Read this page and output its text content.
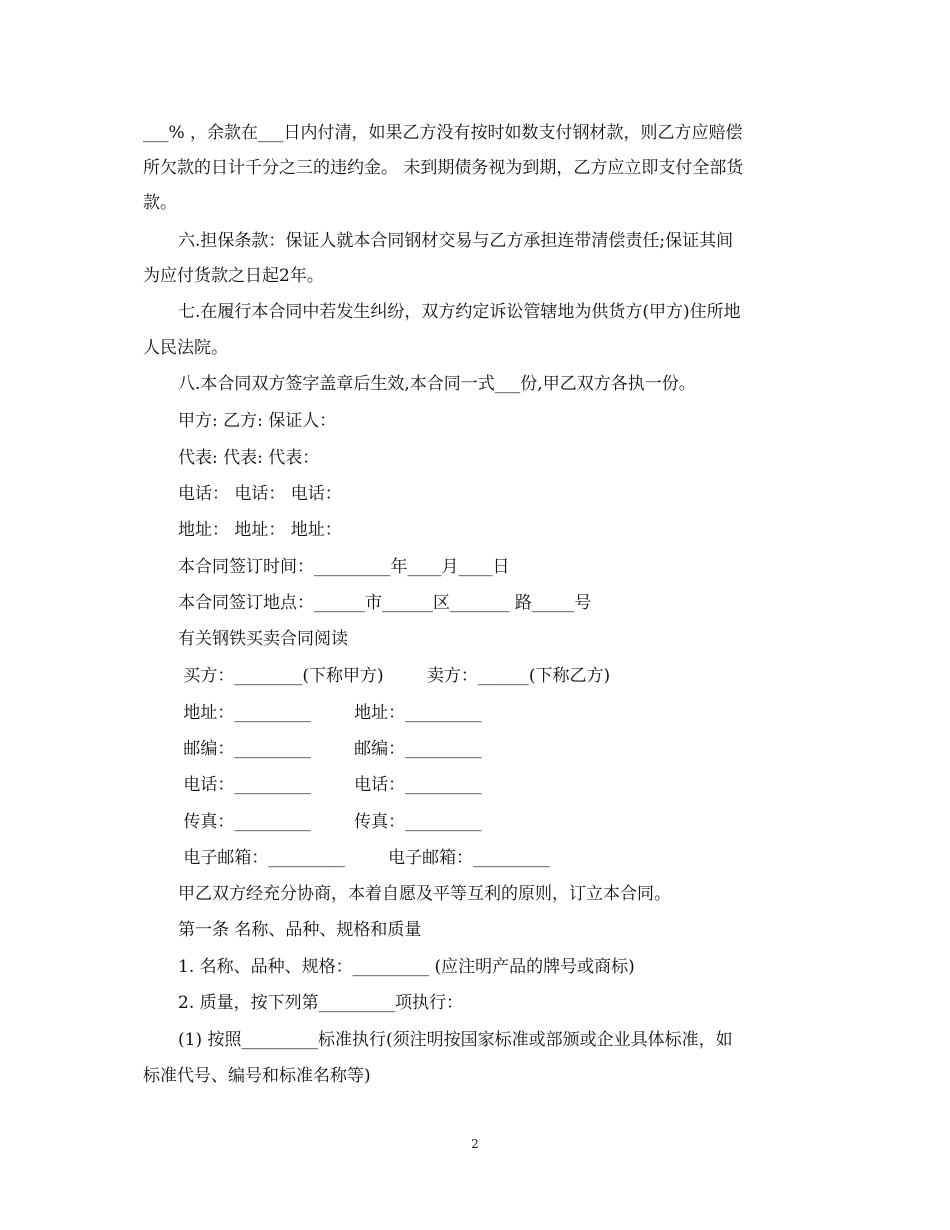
___% ，余款在___日内付清，如果乙方没有按时如数支付钢材款，则乙方应赔偿
所欠款的日计千分之三的违约金。 未到期债务视为到期，乙方应立即支付全部货
款。
六.担保条款：保证人就本合同钢材交易与乙方承担连带清偿责任;保证其间
为应付货款之日起2年。
七.在履行本合同中若发生纠纷，双方约定诉讼管辖地为供货方(甲方)住所地
人民法院。
八.本合同双方签字盖章后生效,本合同一式___份,甲乙双方各执一份。
甲方: 乙方: 保证人：
代表: 代表: 代表：
电话： 电话： 电话：
地址： 地址： 地址：
本合同签订时间：_________年____月____日
本合同签订地点：______市______区_______ 路_____号
有关钢铁买卖合同阅读
买方：________(下称甲方)        卖方：______(下称乙方)
地址：_________        地址：_________
邮编：_________        邮编：_________
电话：_________        电话：_________
传真：_________        传真：_________
电子邮箱：_________        电子邮箱：_________
甲乙双方经充分协商，本着自愿及平等互利的原则，订立本合同。
第一条 名称、品种、规格和质量
1. 名称、品种、规格：_________ (应注明产品的牌号或商标)
2. 质量，按下列第_________项执行：
(1) 按照_________标准执行(须注明按国家标准或部颁或企业具体标准，如
标准代号、编号和标准名称等)
2
